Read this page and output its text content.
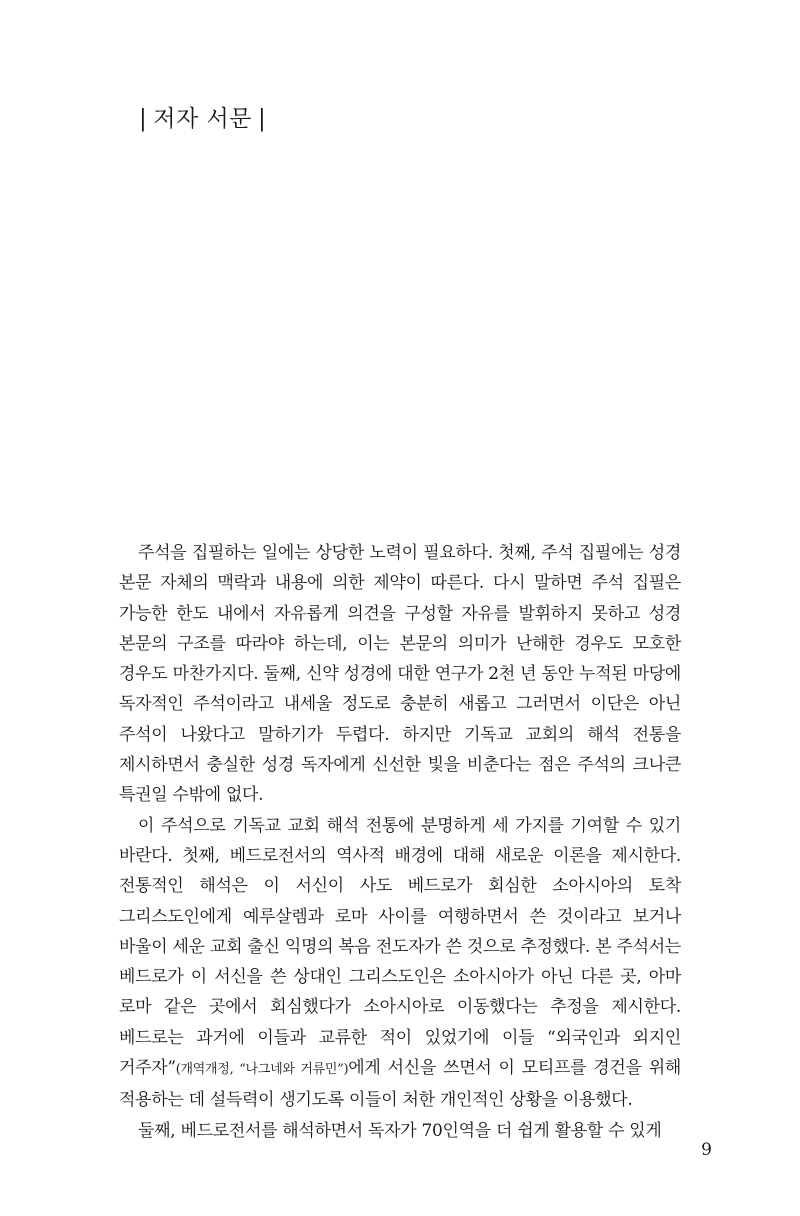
| 저자 서문 |

주석을 집필하는 일에는 상당한 노력이 필요하다. 첫째, 주석 집필에는 성경 본문 자체의 맥락과 내용에 의한 제약이 따른다. 다시 말하면 주석 집필은 가능한 한도 내에서 자유롭게 의견을 구성할 자유를 발휘하지 못하고 성경 본문의 구조를 따라야 하는데, 이는 본문의 의미가 난해한 경우도 모호한 경우도 마찬가지다. 둘째, 신약 성경에 대한 연구가 2천 년 동안 누적된 마당에 독자적인 주석이라고 내세울 정도로 충분히 새롭고 그러면서 이단은 아닌 주석이 나왔다고 말하기가 두렵다. 하지만 기독교 교회의 해석 전통을 제시하면서 충실한 성경 독자에게 신선한 빛을 비춘다는 점은 주석의 크나큰 특권일 수밖에 없다.

이 주석으로 기독교 교회 해석 전통에 분명하게 세 가지를 기여할 수 있기 바란다. 첫째, 베드로전서의 역사적 배경에 대해 새로운 이론을 제시한다. 전통적인 해석은 이 서신이 사도 베드로가 회심한 소아시아의 토착 그리스도인에게 예루살렘과 로마 사이를 여행하면서 쓴 것이라고 보거나 바울이 세운 교회 출신 익명의 복음 전도자가 쓴 것으로 추정했다. 본 주석서는 베드로가 이 서신을 쓴 상대인 그리스도인은 소아시아가 아닌 다른 곳, 아마 로마 같은 곳에서 회심했다가 소아시아로 이동했다는 추정을 제시한다. 베드로는 과거에 이들과 교류한 적이 있었기에 이들 “외국인과 외지인 거주자”(개역개정, “나그네와 거류민”)에게 서신을 쓰면서 이 모티프를 경건을 위해 적용하는 데 설득력이 생기도록 이들이 처한 개인적인 상황을 이용했다.

둘째, 베드로전서를 해석하면서 독자가 70인역을 더 쉽게 활용할 수 있게

9
